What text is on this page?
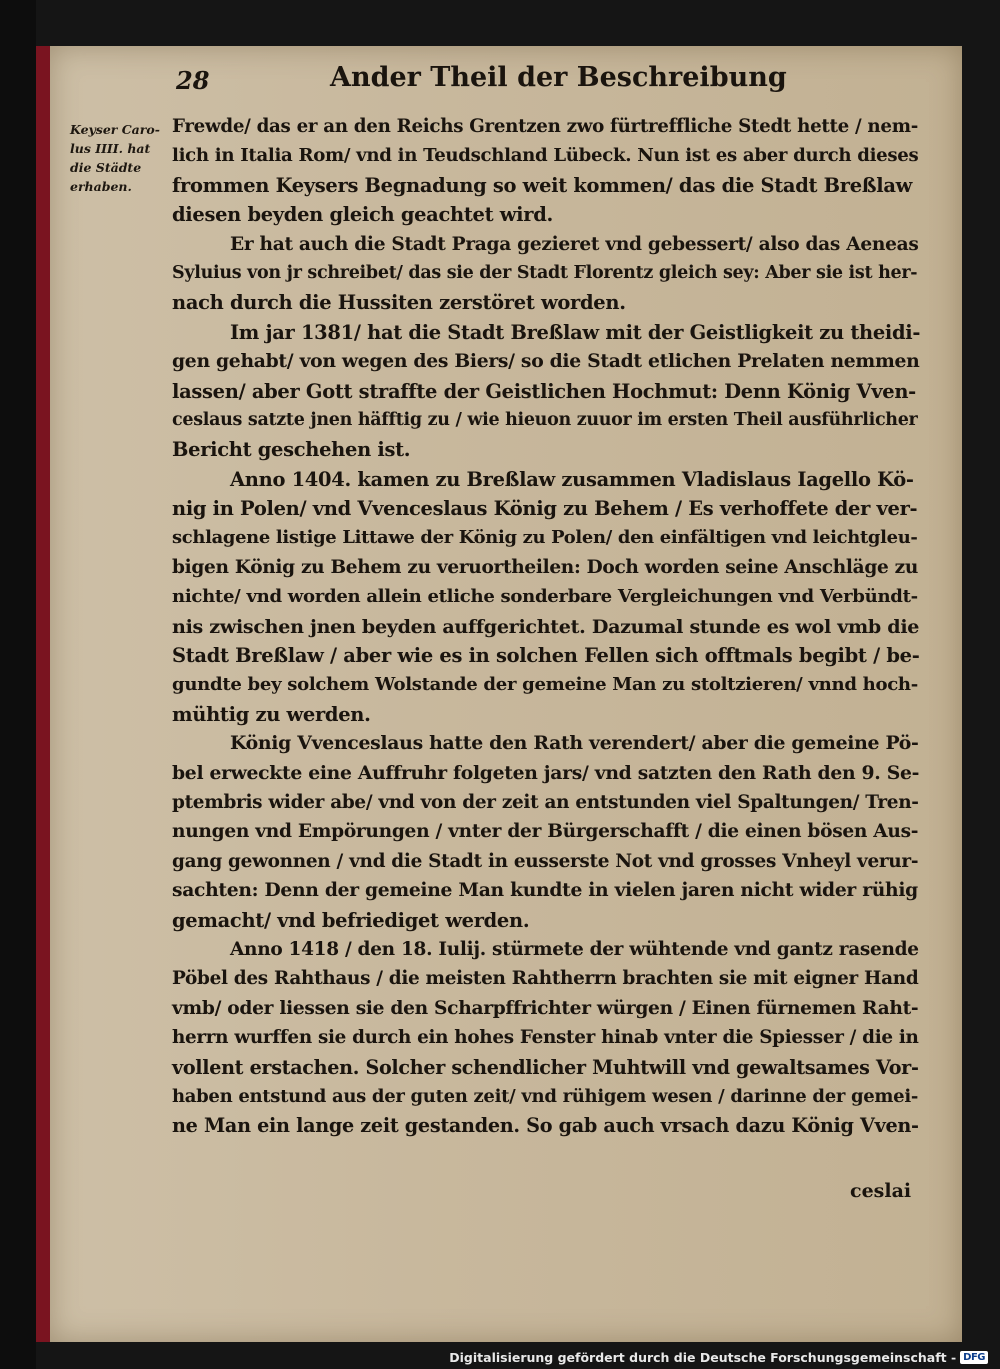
28	Ander Theil der Beschreibung
Keyser Caro-
lus IIII. hat
die Städte
erhaben.
Frewde/ das er an den Reichs Grentzen zwo fürtreffliche Stedt hette / nem-
lich in Italia Rom/ vnd in Teudschland Lübeck. Nun ist es aber durch dieses
frommen Keysers Begnadung so weit kommen/ das die Stadt Breßlaw
diesen beyden gleich geachtet wird.
Er hat auch die Stadt Praga gezieret vnd gebessert/ also das Aeneas
Syluius von jr schreibet/ das sie der Stadt Florentz gleich sey: Aber sie ist her-
nach durch die Hussiten zerstöret worden.
Im jar 1381/ hat die Stadt Breßlaw mit der Geistligkeit zu theidi-
gen gehabt/ von wegen des Biers/ so die Stadt etlichen Prelaten nemmen
lassen/ aber Gott straffte der Geistlichen Hochmut: Denn König Vven-
ceslaus satzte jnen häfftig zu / wie hieuon zuuor im ersten Theil ausführlicher
Bericht geschehen ist.
Anno 1404. kamen zu Breßlaw zusammen Vladislaus Iagello Kö-
nig in Polen/ vnd Vvenceslaus König zu Behem / Es verhoffete der ver-
schlagene listige Littawe der König zu Polen/ den einfältigen vnd leichtgleu-
bigen König zu Behem zu veruortheilen: Doch worden seine Anschläge zu
nichte/ vnd worden allein etliche sonderbare Vergleichungen vnd Verbündt-
nis zwischen jnen beyden auffgerichtet. Dazumal stunde es wol vmb die
Stadt Breßlaw / aber wie es in solchen Fellen sich offtmals begibt / be-
gundte bey solchem Wolstande der gemeine Man zu stoltzieren/ vnnd hoch-
mühtig zu werden.
König Vvenceslaus hatte den Rath verendert/ aber die gemeine Pö-
bel erweckte eine Auffruhr folgeten jars/ vnd satzten den Rath den 9. Se-
ptembris wider abe/ vnd von der zeit an entstunden viel Spaltungen/ Tren-
nungen vnd Empörungen / vnter der Bürgerschafft / die einen bösen Aus-
gang gewonnen / vnd die Stadt in eusserste Not vnd grosses Vnheyl verur-
sachten: Denn der gemeine Man kundte in vielen jaren nicht wider rühig
gemacht/ vnd befriediget werden.
Anno 1418 / den 18. Iulij. stürmete der wühtende vnd gantz rasende
Pöbel des Rahthaus / die meisten Rahtherrn brachten sie mit eigner Hand
vmb/ oder liessen sie den Scharpffrichter würgen / Einen fürnemen Raht-
herrn wurffen sie durch ein hohes Fenster hinab vnter die Spiesser / die in
vollent erstachen. Solcher schendlicher Muhtwill vnd gewaltsames Vor-
haben entstund aus der guten zeit/ vnd rühigem wesen / darinne der gemei-
ne Man ein lange zeit gestanden. So gab auch vrsach dazu König Vven-
ceslai
Digitalisierung gefördert durch die Deutsche Forschungsgemeinschaft - DFG
